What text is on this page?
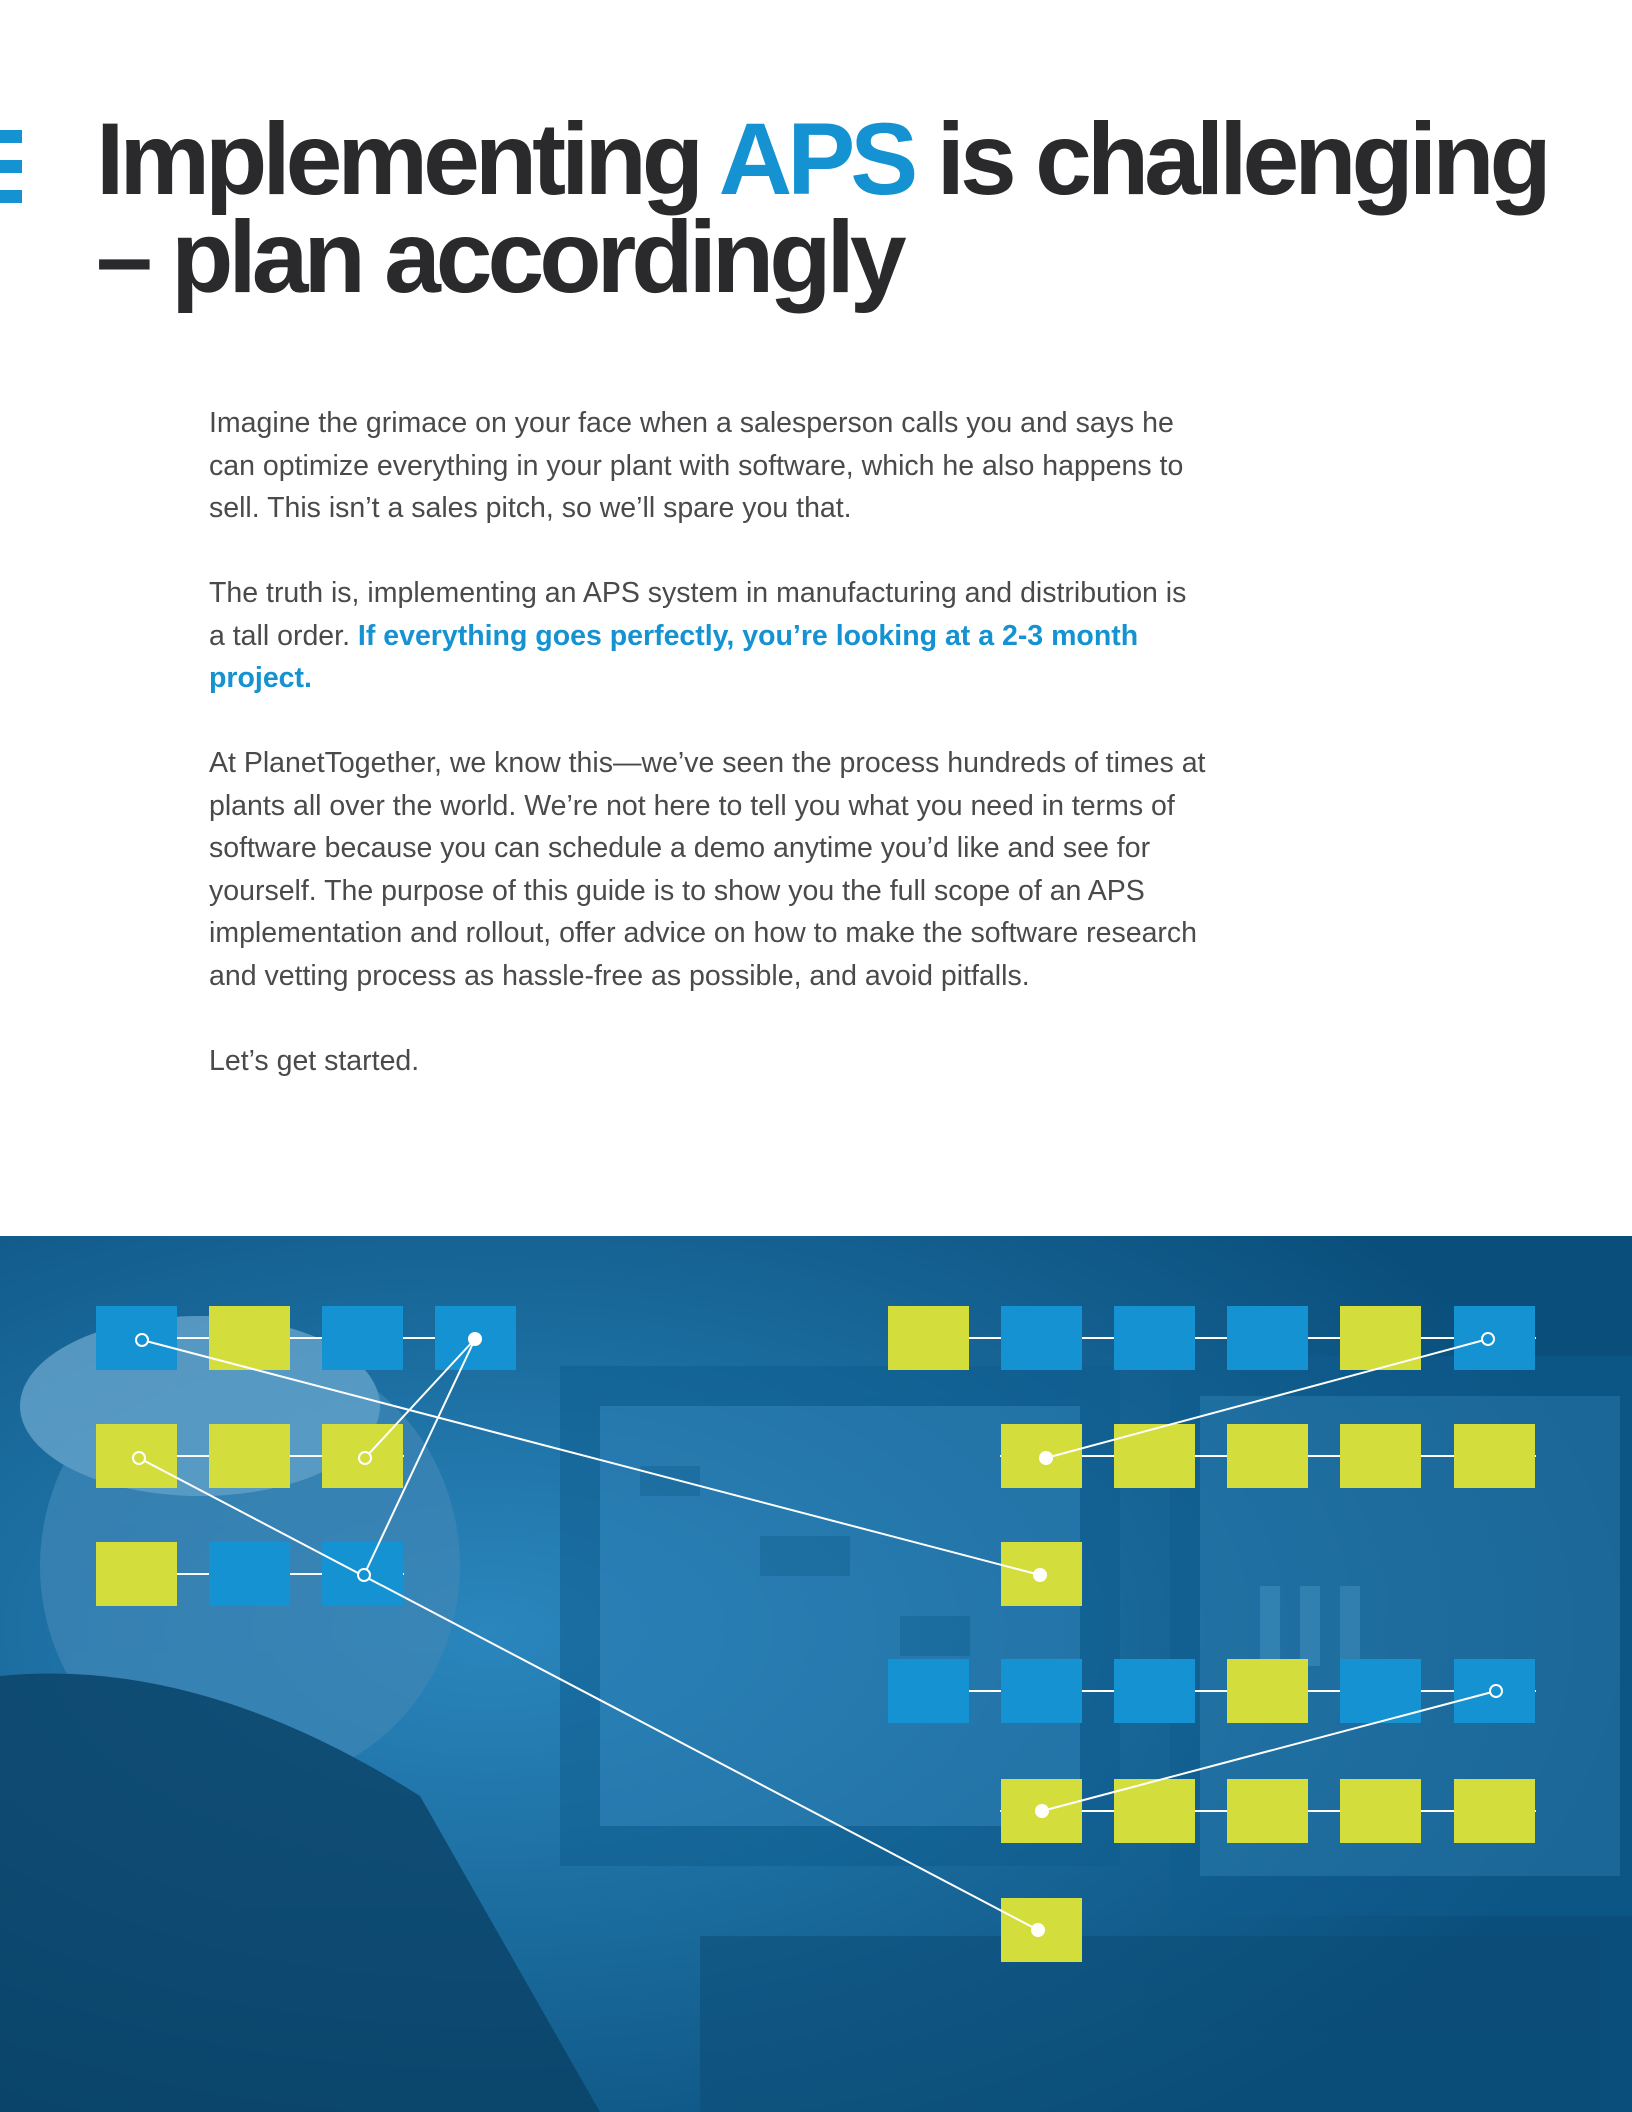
Implementing APS is challenging – plan accordingly

Imagine the grimace on your face when a salesperson calls you and says he can optimize everything in your plant with software, which he also happens to sell. This isn’t a sales pitch, so we’ll spare you that.

The truth is, implementing an APS system in manufacturing and distribution is a tall order. If everything goes perfectly, you’re looking at a 2-3 month project.

At PlanetTogether, we know this—we’ve seen the process hundreds of times at plants all over the world. We’re not here to tell you what you need in terms of software because you can schedule a demo anytime you’d like and see for yourself. The purpose of this guide is to show you the full scope of an APS implementation and rollout, offer advice on how to make the software research and vetting process as hassle-free as possible, and avoid pitfalls.

Let’s get started.
